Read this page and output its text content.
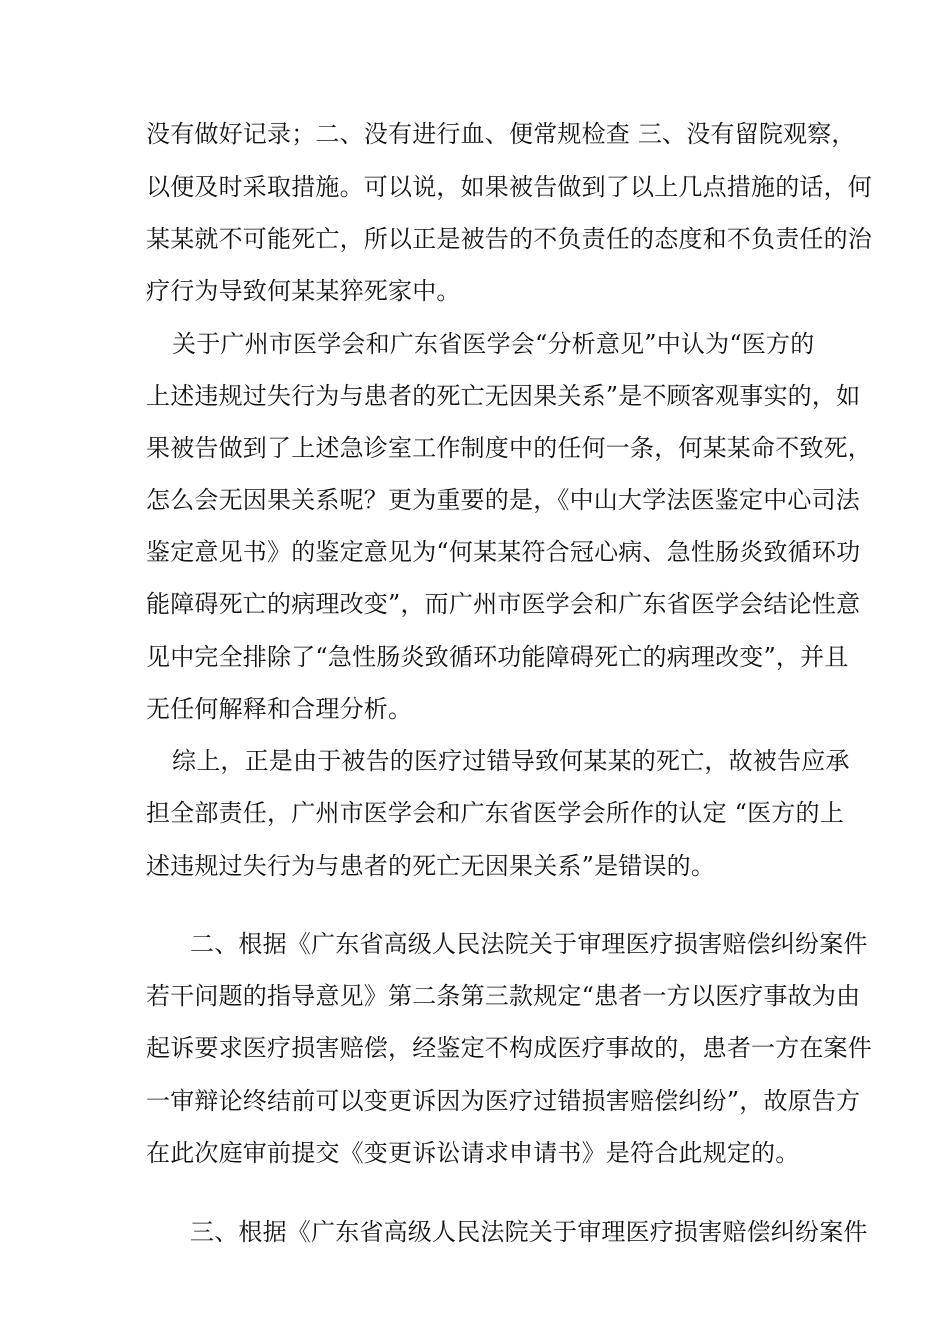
没有做好记录；二、没有进行血、便常规检查 三、没有留院观察，
以便及时采取措施。可以说，如果被告做到了以上几点措施的话，何
某某就不可能死亡，所以正是被告的不负责任的态度和不负责任的治
疗行为导致何某某猝死家中。
关于广州市医学会和广东省医学会“分析意见”中认为“医方的
上述违规过失行为与患者的死亡无因果关系”是不顾客观事实的，如
果被告做到了上述急诊室工作制度中的任何一条，何某某命不致死，
怎么会无因果关系呢？更为重要的是，《中山大学法医鉴定中心司法
鉴定意见书》的鉴定意见为“何某某符合冠心病、急性肠炎致循环功
能障碍死亡的病理改变”，而广州市医学会和广东省医学会结论性意
见中完全排除了“急性肠炎致循环功能障碍死亡的病理改变”，并且
无任何解释和合理分析。
综上，正是由于被告的医疗过错导致何某某的死亡，故被告应承
担全部责任，广州市医学会和广东省医学会所作的认定 “医方的上
述违规过失行为与患者的死亡无因果关系”是错误的。
二、根据《广东省高级人民法院关于审理医疗损害赔偿纠纷案件
若干问题的指导意见》第二条第三款规定“患者一方以医疗事故为由
起诉要求医疗损害赔偿，经鉴定不构成医疗事故的，患者一方在案件
一审辩论终结前可以变更诉因为医疗过错损害赔偿纠纷”，故原告方
在此次庭审前提交《变更诉讼请求申请书》是符合此规定的。
三、根据《广东省高级人民法院关于审理医疗损害赔偿纠纷案件
